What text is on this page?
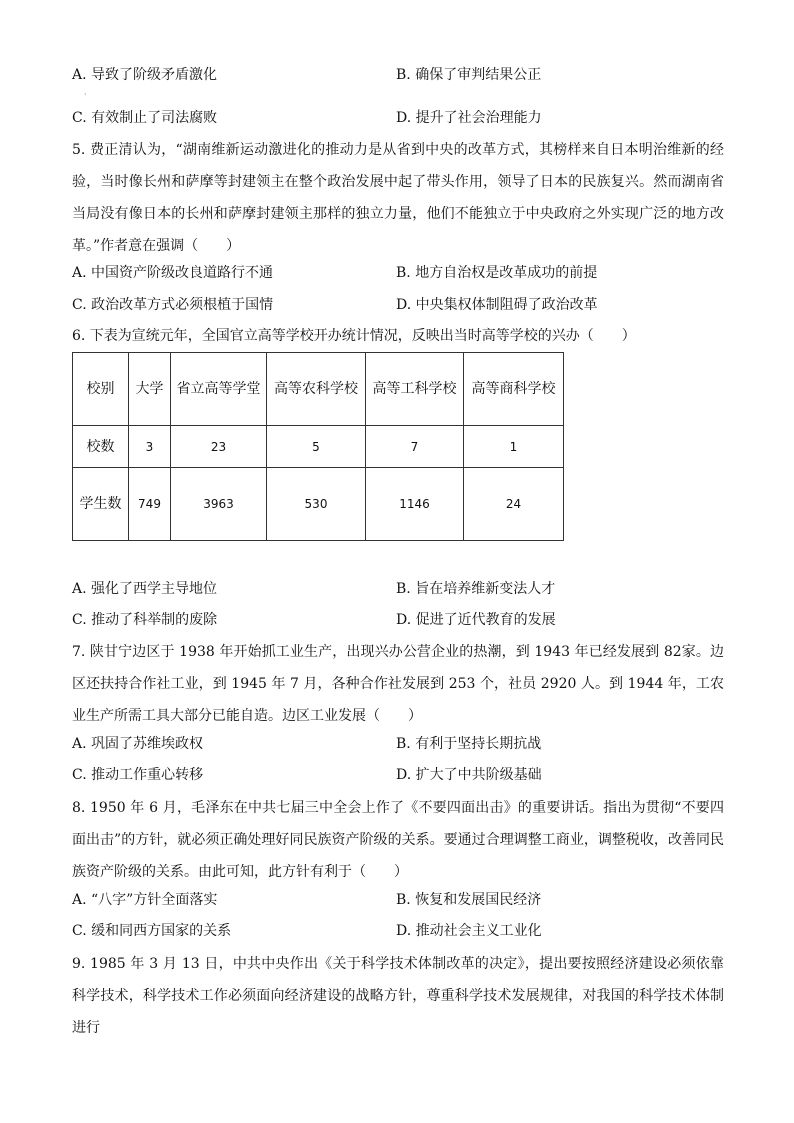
A. 导致了阶级矛盾激化	B. 确保了审判结果公正
·
C. 有效制止了司法腐败	D. 提升了社会治理能力
5. 费正清认为，“湖南维新运动激进化的推动力是从省到中央的改革方式，其榜样来自日本明治维新的经验，当时像长州和萨摩等封建领主在整个政治发展中起了带头作用，领导了日本的民族复兴。然而湖南省当局没有像日本的长州和萨摩封建领主那样的独立力量，他们不能独立于中央政府之外实现广泛的地方改革。”作者意在强调（　　）
A. 中国资产阶级改良道路行不通	B. 地方自治权是改革成功的前提
C. 政治改革方式必须根植于国情	D. 中央集权体制阻碍了政治改革
6. 下表为宣统元年，全国官立高等学校开办统计情况，反映出当时高等学校的兴办（　　）
校别	大学	省立高等学堂	高等农科学校	高等工科学校	高等商科学校
校数	3	23	5	7	1
学生数	749	3963	530	1146	24
A. 强化了西学主导地位	B. 旨在培养维新变法人才
C. 推动了科举制的废除	D. 促进了近代教育的发展
7. 陕甘宁边区于 1938 年开始抓工业生产，出现兴办公营企业的热潮，到 1943 年已经发展到 82家。边区还扶持合作社工业，到 1945 年 7 月，各种合作社发展到 253 个，社员 2920 人。到 1944 年，工农业生产所需工具大部分已能自造。边区工业发展（　　）
A. 巩固了苏维埃政权	B. 有利于坚持长期抗战
C. 推动工作重心转移	D. 扩大了中共阶级基础
8. 1950 年 6 月，毛泽东在中共七届三中全会上作了《不要四面出击》的重要讲话。指出为贯彻“不要四面出击”的方针，就必须正确处理好同民族资产阶级的关系。要通过合理调整工商业，调整税收，改善同民族资产阶级的关系。由此可知，此方针有利于（　　）
A. “八字”方针全面落实	B. 恢复和发展国民经济
C. 缓和同西方国家的关系	D. 推动社会主义工业化
9. 1985 年 3 月 13 日，中共中央作出《关于科学技术体制改革的决定》，提出要按照经济建设必须依靠科学技术，科学技术工作必须面向经济建设的战略方针，尊重科学技术发展规律，对我国的科学技术体制进行
